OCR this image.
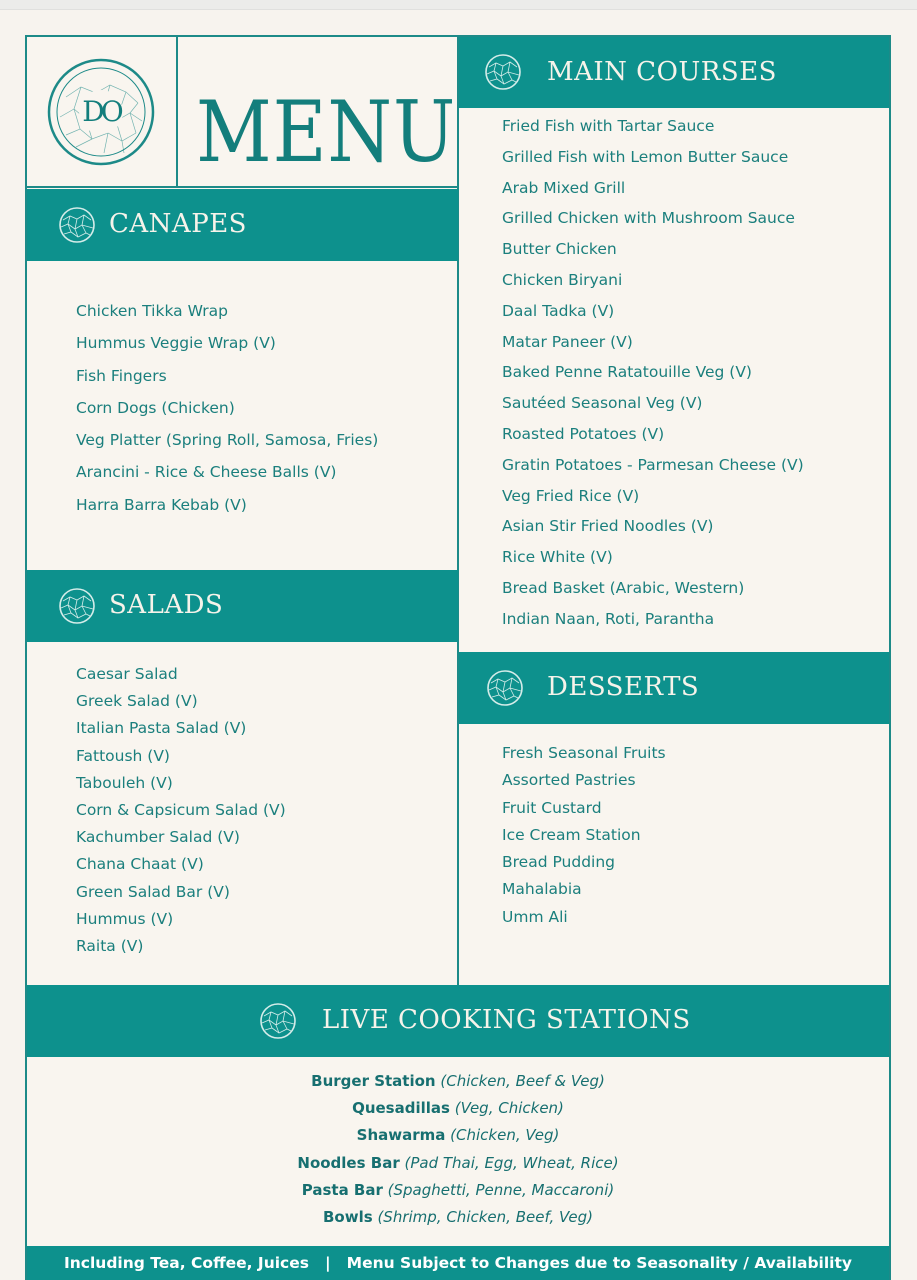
DO MENU
CANAPES
Chicken Tikka Wrap
Hummus Veggie Wrap (V)
Fish Fingers
Corn Dogs (Chicken)
Veg Platter (Spring Roll, Samosa, Fries)
Arancini - Rice & Cheese Balls (V)
Harra Barra Kebab (V)
SALADS
Caesar Salad
Greek Salad (V)
Italian Pasta Salad (V)
Fattoush (V)
Tabouleh (V)
Corn & Capsicum Salad (V)
Kachumber Salad (V)
Chana Chaat (V)
Green Salad Bar (V)
Hummus (V)
Raita (V)
MAIN COURSES
Fried Fish with Tartar Sauce
Grilled Fish with Lemon Butter Sauce
Arab Mixed Grill
Grilled Chicken with Mushroom Sauce
Butter Chicken
Chicken Biryani
Daal Tadka (V)
Matar Paneer (V)
Baked Penne Ratatouille Veg (V)
Sautéed Seasonal Veg (V)
Roasted Potatoes (V)
Gratin Potatoes - Parmesan Cheese (V)
Veg Fried Rice (V)
Asian Stir Fried Noodles (V)
Rice White (V)
Bread Basket (Arabic, Western)
Indian Naan, Roti, Parantha
DESSERTS
Fresh Seasonal Fruits
Assorted Pastries
Fruit Custard
Ice Cream Station
Bread Pudding
Mahalabia
Umm Ali
LIVE COOKING STATIONS
Burger Station (Chicken, Beef & Veg)
Quesadillas (Veg, Chicken)
Shawarma (Chicken, Veg)
Noodles Bar (Pad Thai, Egg, Wheat, Rice)
Pasta Bar (Spaghetti, Penne, Maccaroni)
Bowls (Shrimp, Chicken, Beef, Veg)
Including Tea, Coffee, Juices | Menu Subject to Changes due to Seasonality / Availability
